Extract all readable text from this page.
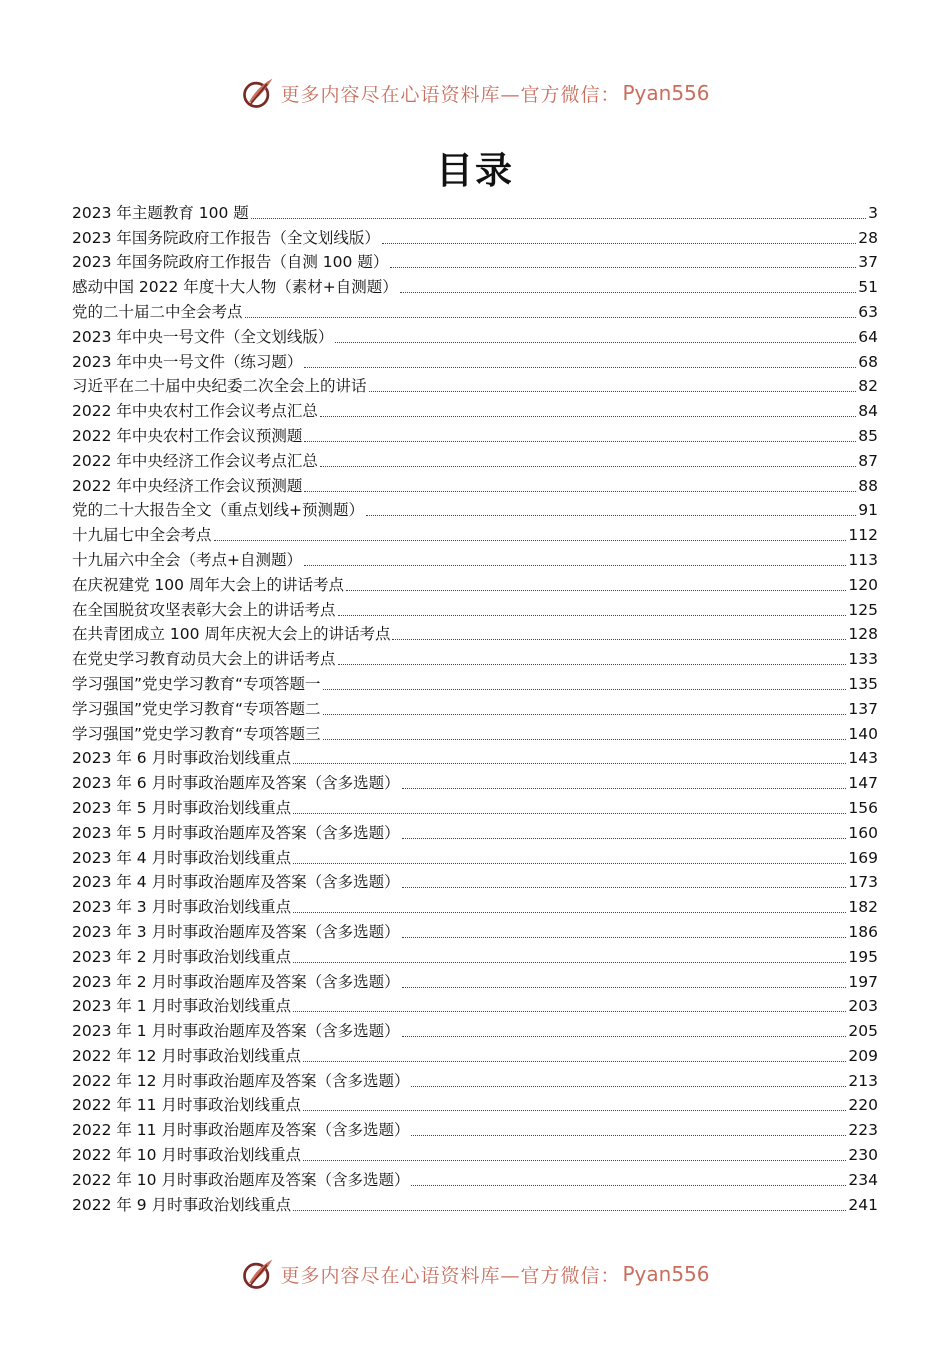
更多内容尽在心语资料库—官方微信： Pyan556
目录
2023 年主题教育 100 题	3
2023 年国务院政府工作报告（全文划线版）	28
2023 年国务院政府工作报告（自测 100 题）	37
感动中国 2022 年度十大人物（素材+自测题）	51
党的二十届二中全会考点	63
2023 年中央一号文件（全文划线版）	64
2023 年中央一号文件（练习题）	68
习近平在二十届中央纪委二次全会上的讲话	82
2022 年中央农村工作会议考点汇总	84
2022 年中央农村工作会议预测题	85
2022 年中央经济工作会议考点汇总	87
2022 年中央经济工作会议预测题	88
党的二十大报告全文（重点划线+预测题）	91
十九届七中全会考点	112
十九届六中全会（考点+自测题）	113
在庆祝建党 100 周年大会上的讲话考点	120
在全国脱贫攻坚表彰大会上的讲话考点	125
在共青团成立 100 周年庆祝大会上的讲话考点	128
在党史学习教育动员大会上的讲话考点	133
学习强国”党史学习教育“专项答题一	135
学习强国”党史学习教育“专项答题二	137
学习强国”党史学习教育“专项答题三	140
2023 年 6 月时事政治划线重点	143
2023 年 6 月时事政治题库及答案（含多选题）	147
2023 年 5 月时事政治划线重点	156
2023 年 5 月时事政治题库及答案（含多选题）	160
2023 年 4 月时事政治划线重点	169
2023 年 4 月时事政治题库及答案（含多选题）	173
2023 年 3 月时事政治划线重点	182
2023 年 3 月时事政治题库及答案（含多选题）	186
2023 年 2 月时事政治划线重点	195
2023 年 2 月时事政治题库及答案（含多选题）	197
2023 年 1 月时事政治划线重点	203
2023 年 1 月时事政治题库及答案（含多选题）	205
2022 年 12 月时事政治划线重点	209
2022 年 12 月时事政治题库及答案（含多选题）	213
2022 年 11 月时事政治划线重点	220
2022 年 11 月时事政治题库及答案（含多选题）	223
2022 年 10 月时事政治划线重点	230
2022 年 10 月时事政治题库及答案（含多选题）	234
2022 年 9 月时事政治划线重点	241
更多内容尽在心语资料库—官方微信： Pyan556
